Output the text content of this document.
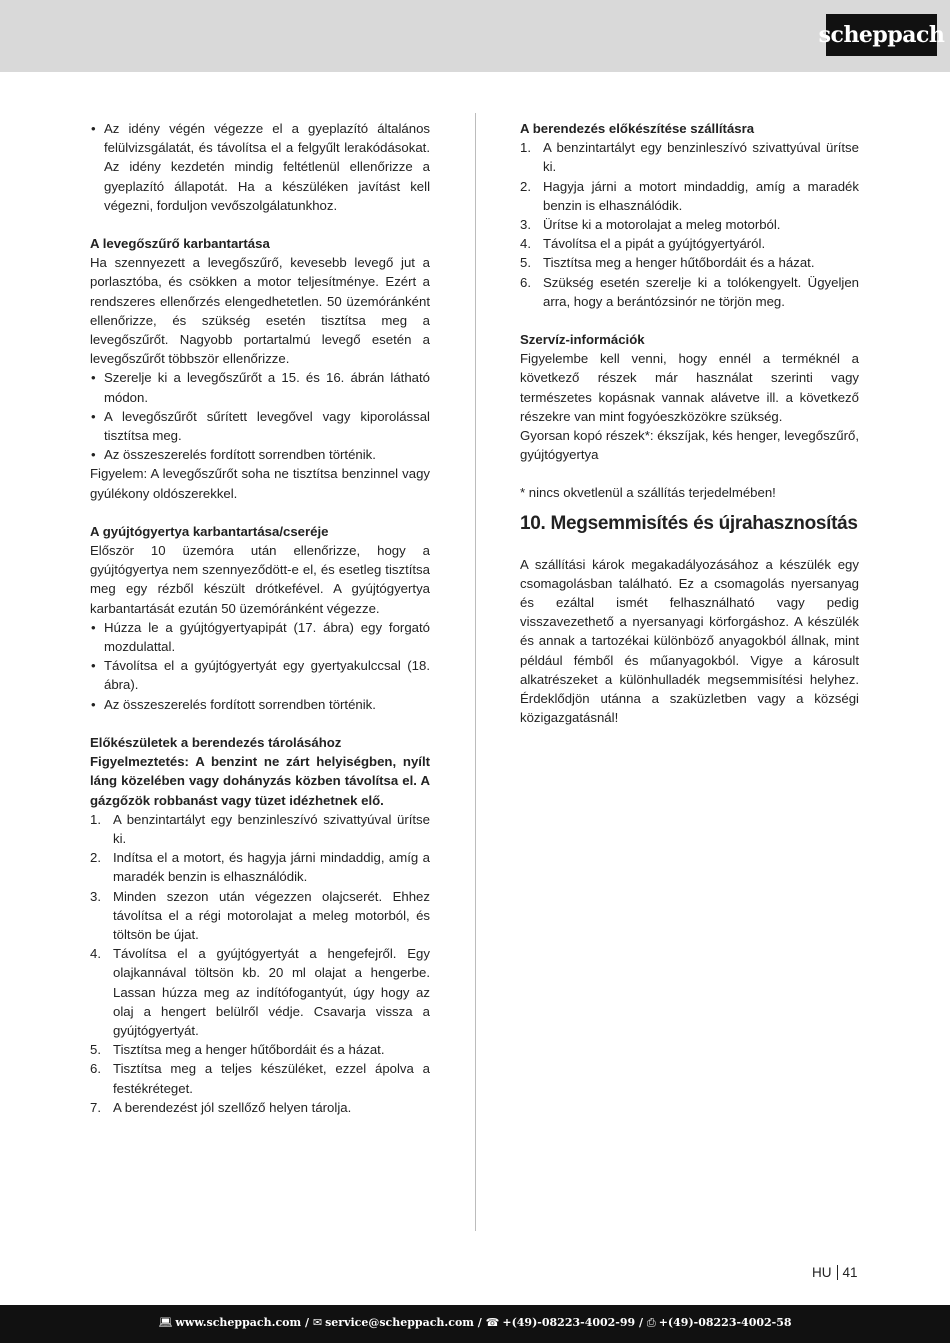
scheppach
• Az idény végén végezze el a gyeplazító általános felülvizsgálatát, és távolítsa el a felgyűlt lerakódásokat. Az idény kezdetén mindig feltétlenül ellenőrizze a gyeplazító állapotát. Ha a készüléken javítást kell végezni, forduljon vevőszolgálatunkhoz.

A levegőszűrő karbantartása

Ha szennyezett a levegőszűrő, kevesebb levegő jut a porlasztóba, és csökken a motor teljesítménye. Ezért a rendszeres ellenőrzés elengedhetetlen. 50 üzemóránként ellenőrizze, és szükség esetén tisztítsa meg a levegőszűrőt. Nagyobb portartalmú levegő esetén a levegőszűrőt többször ellenőrizze.

• Szerelje ki a levegőszűrőt a 15. és 16. ábrán látható módon.
• A levegőszűrőt sűrített levegővel vagy kiporolással tisztítsa meg.
• Az összeszerelés fordított sorrendben történik.

Figyelem: A levegőszűrőt soha ne tisztítsa benzinnel vagy gyúlékony oldószerekkel.

A gyújtógyertya karbantartása/cseréje

Először 10 üzemóra után ellenőrizze, hogy a gyújtógyertya nem szennyeződött-e el, és esetleg tisztítsa meg egy rézből készült drótkefével. A gyújtógyertya karbantartását ezután 50 üzemóránként végezze.

• Húzza le a gyújtógyertyapipát (17. ábra) egy forgató mozdulattal.
• Távolítsa el a gyújtógyertyát egy gyertyakulccsal (18. ábra).
• Az összeszerelés fordított sorrendben történik.

Előkészületek a berendezés tárolásához

Figyelmeztetés: A benzint ne zárt helyiségben, nyílt láng közelében vagy dohányzás közben távolítsa el. A gázgőzök robbanást vagy tüzet idézhetnek elő.

1. A benzintartályt egy benzinleszívó szivattyúval ürítse ki.
2. Indítsa el a motort, és hagyja járni mindaddig, amíg a maradék benzin is elhasználódik.
3. Minden szezon után végezzen olajcserét. Ehhez távolítsa el a régi motorolajat a meleg motorból, és töltsön be újat.
4. Távolítsa el a gyújtógyertyát a hengefejről. Egy olajkannával töltsön kb. 20 ml olajat a hengerbe. Lassan húzza meg az indítófogantyút, úgy hogy az olaj a hengert belülről védje. Csavarja vissza a gyújtógyertyát.
5. Tisztítsa meg a henger hűtőbordáit és a házat.
6. Tisztítsa meg a teljes készüléket, ezzel ápolva a festékréteget.
7. A berendezést jól szellőző helyen tárolja.

A berendezés előkészítése szállításra

1. A benzintartályt egy benzinleszívó szivattyúval ürítse ki.
2. Hagyja járni a motort mindaddig, amíg a maradék benzin is elhasználódik.
3. Ürítse ki a motorolajat a meleg motorból.
4. Távolítsa el a pipát a gyújtógyertyáról.
5. Tisztítsa meg a henger hűtőbordáit és a házat.
6. Szükség esetén szerelje ki a tolókengyelt. Ügyeljen arra, hogy a berántózsinór ne törjön meg.

Szervíz-információk

Figyelembe kell venni, hogy ennél a terméknél a következő részek már használat szerinti vagy természetes kopásnak vannak alávetve ill. a következő részekre van mint fogyóeszközökre szükség.

Gyorsan kopó részek*: ékszíjak, kés henger, levegőszűrő, gyújtógyertya

* nincs okvetlenül a szállítás terjedelmében!

10. Megsemmisítés és újrahasznosítás

A szállítási károk megakadályozásához a készülék egy csomagolásban található. Ez a csomagolás nyersanyag és ezáltal ismét felhasználható vagy pedig visszavezethető a nyersanyagi körforgáshoz. A készülék és annak a tartozékai különböző anyagokból állnak, mint például fémből és műanyagokból. Vigye a károsult alkatrészeket a különhulladék megsemmisítési helyhez. Érdeklődjön utánna a szaküzletben vagy a községi közigazgatásnál!

HU 41
💻︎ www.scheppach.com / ✉ service@scheppach.com / ☎ +(49)-08223-4002-99 / ⎙ +(49)-08223-4002-58
